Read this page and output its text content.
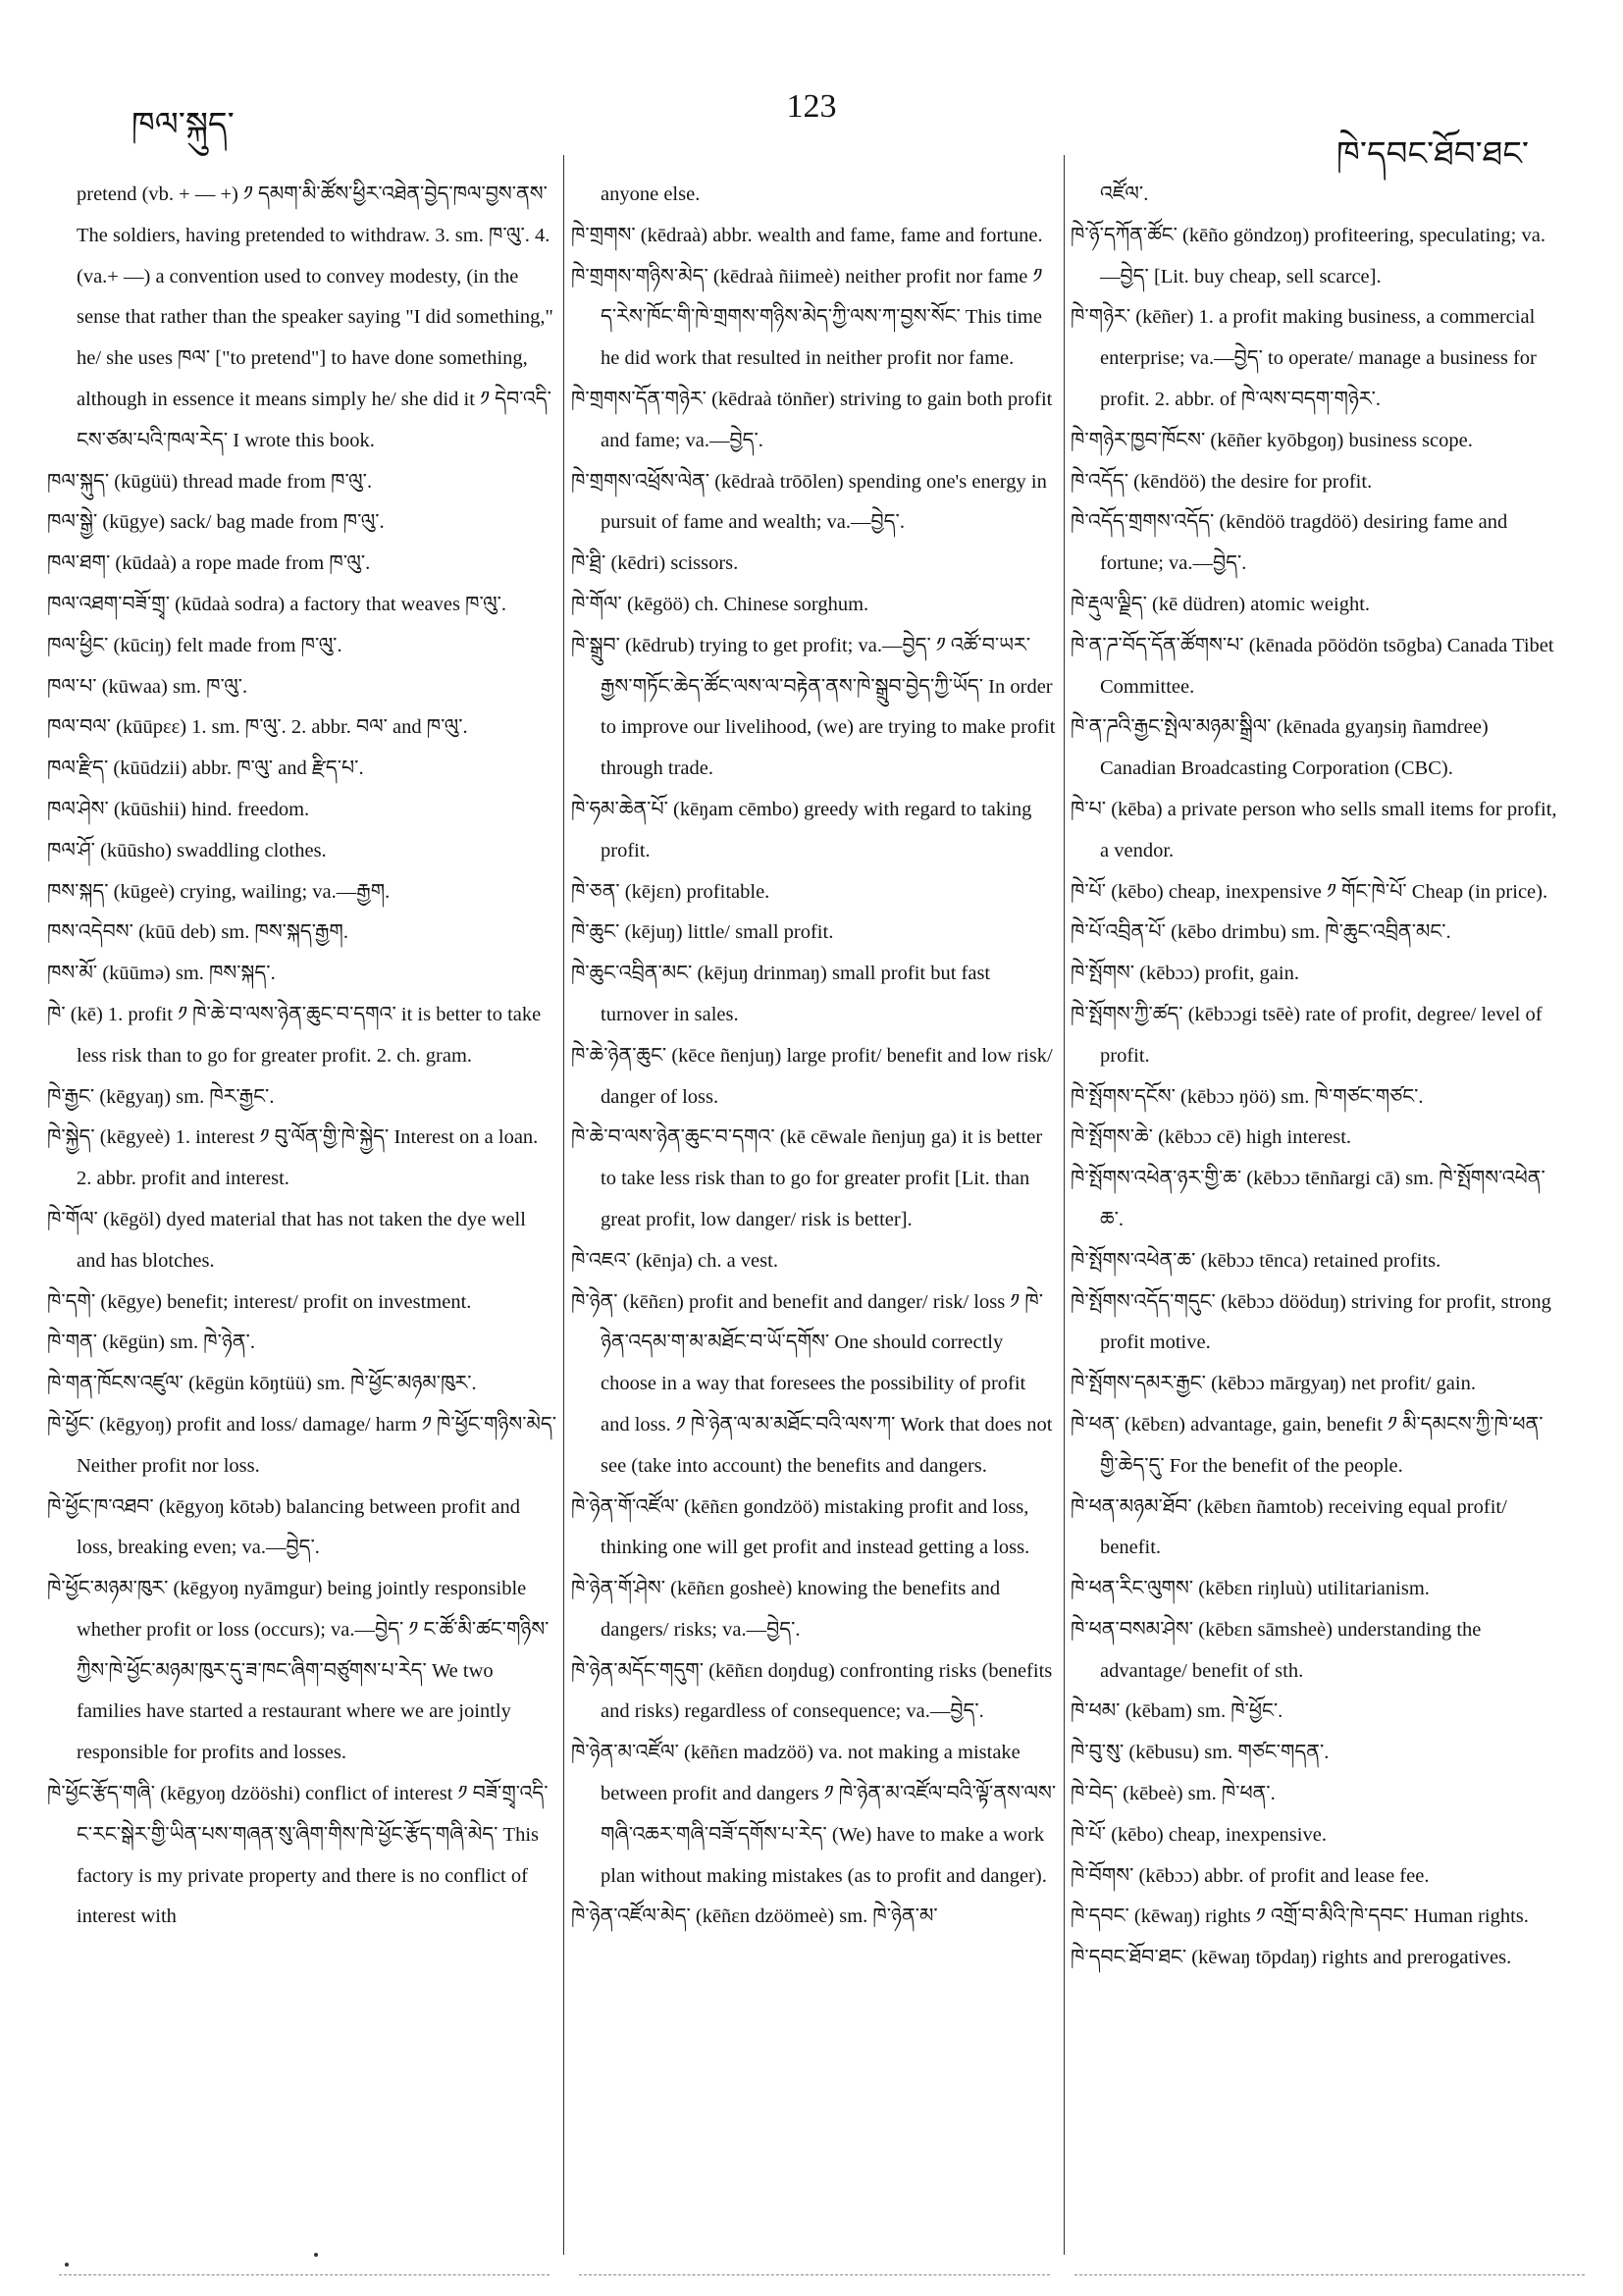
ཁལ་སྐུད་
123
ཁེ་དབང་ཐོབ་ཐང་

pretend (vb. + — +) ༡ དམག་མི་ཚོས་ཕྱིར་འཐེན་བྱེད་ཁལ་བྱས་ནས་ The soldiers, having pretended to withdraw. 3. sm. ཁ་ལུ་. 4. (va.+ —) a convention used to convey modesty, (in the sense that rather than the speaker saying "I did something," he/ she uses ཁལ་ ["to pretend"] to have done something, although in essence it means simply he/ she did it ༡ དེབ་འདི་ངས་ཙམ་པའི་ཁལ་རེད་ I wrote this book.

ཁལ་སྐུད་ (kūgüü) thread made from ཁ་ལུ་.

ཁལ་སྒྱེ་ (kūgye) sack/ bag made from ཁ་ལུ་.

ཁལ་ཐག་ (kūdaà) a rope made from ཁ་ལུ་.

ཁལ་འཐག་བཟོ་གྲྭ་ (kūdaà sodra) a factory that weaves ཁ་ལུ་.

ཁལ་ཕྱིང་ (kūciŋ) felt made from ཁ་ལུ་.

ཁལ་པ་ (kūwaa) sm. ཁ་ལུ་.

ཁལ་བལ་ (kūūpεε) 1. sm. ཁ་ལུ་. 2. abbr. བལ་ and ཁ་ལུ་.

ཁལ་རྫིད་ (kūūdzii) abbr. ཁ་ལུ་ and རྫིད་པ་.

ཁལ་ཤེས་ (kūūshii) hind. freedom.

ཁལ་ཤོ་ (kūūsho) swaddling clothes.

ཁས་སྐད་ (kūgeè) crying, wailing; va.—རྒྱག.

ཁས་འདེབས་ (kūū deb) sm. ཁས་སྐད་རྒྱག.

ཁས་མོ་ (kūūmə) sm. ཁས་སྐད་.

ཁེ་ (kē) 1. profit ༡ ཁེ་ཆེ་བ་ལས་ཉེན་ཆུང་བ་དགའ་ it is better to take less risk than to go for greater profit. 2. ch. gram.

ཁེ་རྒྱང་ (kēgyaŋ) sm. ཁེར་རྒྱང་.

ཁེ་སྐྱེད་ (kēgyeè) 1. interest ༡ བུ་ལོན་གྱི་ཁེ་སྐྱེད་ Interest on a loan. 2. abbr. profit and interest.

ཁེ་གོལ་ (kēgöl) dyed material that has not taken the dye well and has blotches.

ཁེ་དགེ་ (kēgye) benefit; interest/ profit on investment.

ཁེ་གན་ (kēgün) sm. ཁེ་ཉེན་.

ཁེ་གན་ཁོངས་འཛུལ་ (kēgün kōŋtüü) sm. ཁེ་ཕྱོང་མཉམ་ཁུར་.

ཁེ་ཕྱོང་ (kēgyoŋ) profit and loss/ damage/ harm ༡ ཁེ་ཕྱོང་གཉིས་མེད་ Neither profit nor loss.

ཁེ་ཕྱོང་ཁ་འཐབ་ (kēgyoŋ kōtəb) balancing between profit and loss, breaking even; va.—བྱེད་.

ཁེ་ཕྱོང་མཉམ་ཁུར་ (kēgyoŋ nyāmgur) being jointly responsible whether profit or loss (occurs); va.—བྱེད་ ༡ ང་ཚོ་མི་ཚང་གཉིས་ཀྱིས་ཁེ་ཕྱོང་མཉམ་ཁུར་དུ་ཟ་ཁང་ཞིག་བཙུགས་པ་རེད་ We two families have started a restaurant where we are jointly responsible for profits and losses.

ཁེ་ཕྱོང་རྩོད་གཞི་ (kēgyoŋ dzööshi) conflict of interest ༡ བཟོ་གྲྭ་འདི་ང་རང་སྒེར་གྱི་ཡིན་པས་གཞན་སུ་ཞིག་གིས་ཁེ་ཕྱོང་རྩོད་གཞི་མེད་ This factory is my private property and there is no conflict of interest with

anyone else.

ཁེ་གྲགས་ (kēdraà) abbr. wealth and fame, fame and fortune.

ཁེ་གྲགས་གཉིས་མེད་ (kēdraà ñiimeè) neither profit nor fame ༡ ད་རེས་ཁོང་གི་ཁེ་གྲགས་གཉིས་མེད་ཀྱི་ལས་ཀ་བྱས་སོང་ This time he did work that resulted in neither profit nor fame.

ཁེ་གྲགས་དོན་གཉེར་ (kēdraà tönñer) striving to gain both profit and fame; va.—བྱེད་.

ཁེ་གྲགས་འཕྲོས་ལེན་ (kēdraà trōōlen) spending one's energy in pursuit of fame and wealth; va.—བྱེད་.

ཁེ་ཐྲི་ (kēdri) scissors.

ཁེ་གོལ་ (kēgöö) ch. Chinese sorghum.

ཁེ་སྒྲུབ་ (kēdrub) trying to get profit; va.—བྱེད་ ༡ འཚོ་བ་ཡར་རྒྱས་གཏོང་ཆེད་ཚོང་ལས་ལ་བརྟེན་ནས་ཁེ་སྒྲུབ་བྱེད་ཀྱི་ཡོད་ In order to improve our livelihood, (we) are trying to make profit through trade.

ཁེ་ཧམ་ཆེན་པོ་ (kēŋam cēmbo) greedy with regard to taking profit.

ཁེ་ཅན་ (kējεn) profitable.

ཁེ་ཆུང་ (kējuŋ) little/ small profit.

ཁེ་ཆུང་འབྲིན་མང་ (kējuŋ drinmaŋ) small profit but fast turnover in sales.

ཁེ་ཆེ་ཉེན་ཆུང་ (kēce ñenjuŋ) large profit/ benefit and low risk/ danger of loss.

ཁེ་ཆེ་བ་ལས་ཉེན་ཆུང་བ་དགའ་ (kē cēwale ñenjuŋ ga) it is better to take less risk than to go for greater profit [Lit. than great profit, low danger/ risk is better].

ཁེ་འཇའ་ (kēnja) ch. a vest.

ཁེ་ཉེན་ (kēñεn) profit and benefit and danger/ risk/ loss ༡ ཁེ་ཉེན་འདམ་ག་མ་མཐོང་བ་ཡོ་དགོས་ One should correctly choose in a way that foresees the possibility of profit and loss. ༡ ཁེ་ཉེན་ལ་མ་མཐོང་བའི་ལས་ཀ་ Work that does not see (take into account) the benefits and dangers.

ཁེ་ཉེན་གོ་འཛོལ་ (kēñεn gondzöö) mistaking profit and loss, thinking one will get profit and instead getting a loss.

ཁེ་ཉེན་གོ་ཤེས་ (kēñεn gosheè) knowing the benefits and dangers/ risks; va.—བྱེད་.

ཁེ་ཉེན་མདོང་གདུག་ (kēñεn doŋdug) confronting risks (benefits and risks) regardless of consequence; va.—བྱེད་.

ཁེ་ཉེན་མ་འཛོལ་ (kēñεn madzöö) va. not making a mistake between profit and dangers ༡ ཁེ་ཉེན་མ་འཛོལ་བའི་ལྟོ་ནས་ལས་གཞི་འཆར་གཞི་བཟོ་དགོས་པ་རེད་ (We) have to make a work plan without making mistakes (as to profit and danger).

ཁེ་ཉེན་འཛོལ་མེད་ (kēñεn dzöömeè) sm. ཁེ་ཉེན་མ་

འཛོལ་.

ཁེ་ཉོ་དཀོན་ཚོང་ (kēño göndzoŋ) profiteering, speculating; va.—བྱེད་ [Lit. buy cheap, sell scarce].

ཁེ་གཉེར་ (kēñer) 1. a profit making business, a commercial enterprise; va.—བྱེད་ to operate/ manage a business for profit. 2. abbr. of ཁེ་ལས་བདག་གཉེར་.

ཁེ་གཉེར་ཁྱབ་ཁོངས་ (kēñer kyōbgoŋ) business scope.

ཁེ་འདོད་ (kēndöö) the desire for profit.

ཁེ་འདོད་གྲགས་འདོད་ (kēndöö tragdöö) desiring fame and fortune; va.—བྱེད་.

ཁེ་རྡུལ་ལྗིད་ (kē düdren) atomic weight.

ཁེ་ན་ཌ་བོད་དོན་ཚོགས་པ་ (kēnada pōödön tsōgba) Canada Tibet Committee.

ཁེ་ན་ཌའི་རྒྱང་སྤེལ་མཉམ་སྒྲིལ་ (kēnada gyaŋsiŋ ñamdree) Canadian Broadcasting Corporation (CBC).

ཁེ་པ་ (kēba) a private person who sells small items for profit, a vendor.

ཁེ་པོ་ (kēbo) cheap, inexpensive ༡ གོང་ཁེ་པོ་ Cheap (in price).

ཁེ་པོ་འབྲིན་པོ་ (kēbo drimbu) sm. ཁེ་ཆུང་འབྲིན་མང་.

ཁེ་སྤོགས་ (kēbɔɔ) profit, gain.

ཁེ་སྤོགས་ཀྱི་ཚད་ (kēbɔɔgi tsēè) rate of profit, degree/ level of profit.

ཁེ་སྤོགས་དངོས་ (kēbɔɔ ŋöö) sm. ཁེ་གཙང་གཙང་.

ཁེ་སྤོགས་ཆེ་ (kēbɔɔ cē) high interest.

ཁེ་སྤོགས་འཕེན་ཉར་གྱི་ཆ་ (kēbɔɔ tēnñargi cā) sm. ཁེ་སྤོགས་འཕེན་ཆ་.

ཁེ་སྤོགས་འཕེན་ཆ་ (kēbɔɔ tēnca) retained profits.

ཁེ་སྤོགས་འདོད་གདུང་ (kēbɔɔ dööduŋ) striving for profit, strong profit motive.

ཁེ་སྤོགས་དམར་རྒྱང་ (kēbɔɔ mārgyaŋ) net profit/ gain.

ཁེ་ཕན་ (kēbεn) advantage, gain, benefit ༡ མི་དམངས་ཀྱི་ཁེ་ཕན་གྱི་ཆེད་དུ་ For the benefit of the people.

ཁེ་ཕན་མཉམ་ཐོབ་ (kēbεn ñamtob) receiving equal profit/ benefit.

ཁེ་ཕན་རིང་ལུགས་ (kēbεn riŋluù) utilitarianism.

ཁེ་ཕན་བསམ་ཤེས་ (kēbεn sāmsheè) understanding the advantage/ benefit of sth.

ཁེ་ཕམ་ (kēbam) sm. ཁེ་ཕྱོང་.

ཁེ་བུ་སུ་ (kēbusu) sm. གཙང་གདན་.

ཁེ་བེད་ (kēbeè) sm. ཁེ་ཕན་.

ཁེ་པོ་ (kēbo) cheap, inexpensive.

ཁེ་བོགས་ (kēbɔɔ) abbr. of profit and lease fee.

ཁེ་དབང་ (kēwaŋ) rights ༡ འགྲོ་བ་མིའི་ཁེ་དབང་ Human rights.

ཁེ་དབང་ཐོབ་ཐང་ (kēwaŋ tōpdaŋ) rights and prerogatives.
